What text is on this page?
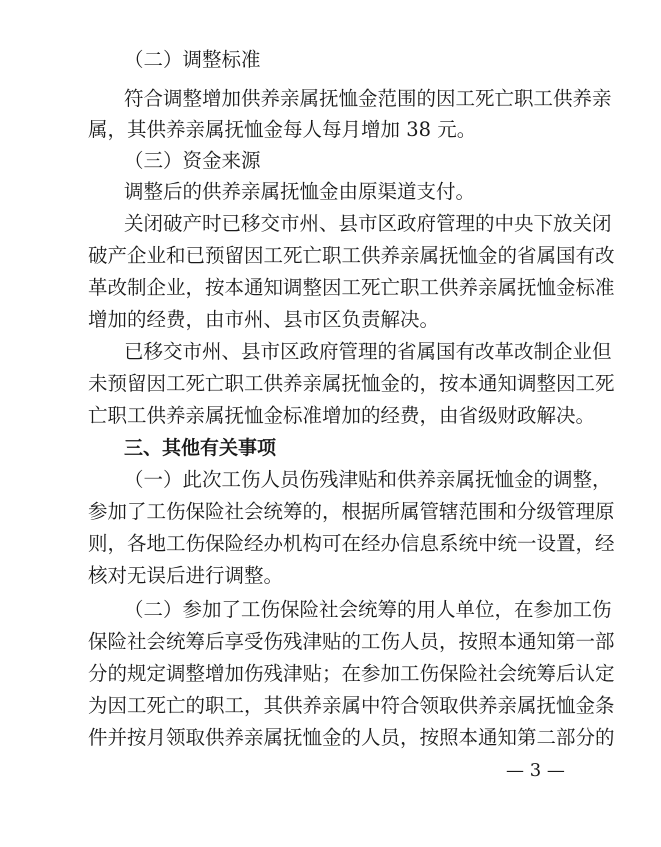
（二）调整标准
符合调整增加供养亲属抚恤金范围的因工死亡职工供养亲
属，其供养亲属抚恤金每人每月增加 38 元。
（三）资金来源
调整后的供养亲属抚恤金由原渠道支付。
关闭破产时已移交市州、县市区政府管理的中央下放关闭
破产企业和已预留因工死亡职工供养亲属抚恤金的省属国有改
革改制企业，按本通知调整因工死亡职工供养亲属抚恤金标准
增加的经费，由市州、县市区负责解决。
已移交市州、县市区政府管理的省属国有改革改制企业但
未预留因工死亡职工供养亲属抚恤金的，按本通知调整因工死
亡职工供养亲属抚恤金标准增加的经费，由省级财政解决。
三、其他有关事项
（一）此次工伤人员伤残津贴和供养亲属抚恤金的调整，
参加了工伤保险社会统筹的，根据所属管辖范围和分级管理原
则，各地工伤保险经办机构可在经办信息系统中统一设置，经
核对无误后进行调整。
（二）参加了工伤保险社会统筹的用人单位，在参加工伤
保险社会统筹后享受伤残津贴的工伤人员，按照本通知第一部
分的规定调整增加伤残津贴；在参加工伤保险社会统筹后认定
为因工死亡的职工，其供养亲属中符合领取供养亲属抚恤金条
件并按月领取供养亲属抚恤金的人员，按照本通知第二部分的
— 3 —
